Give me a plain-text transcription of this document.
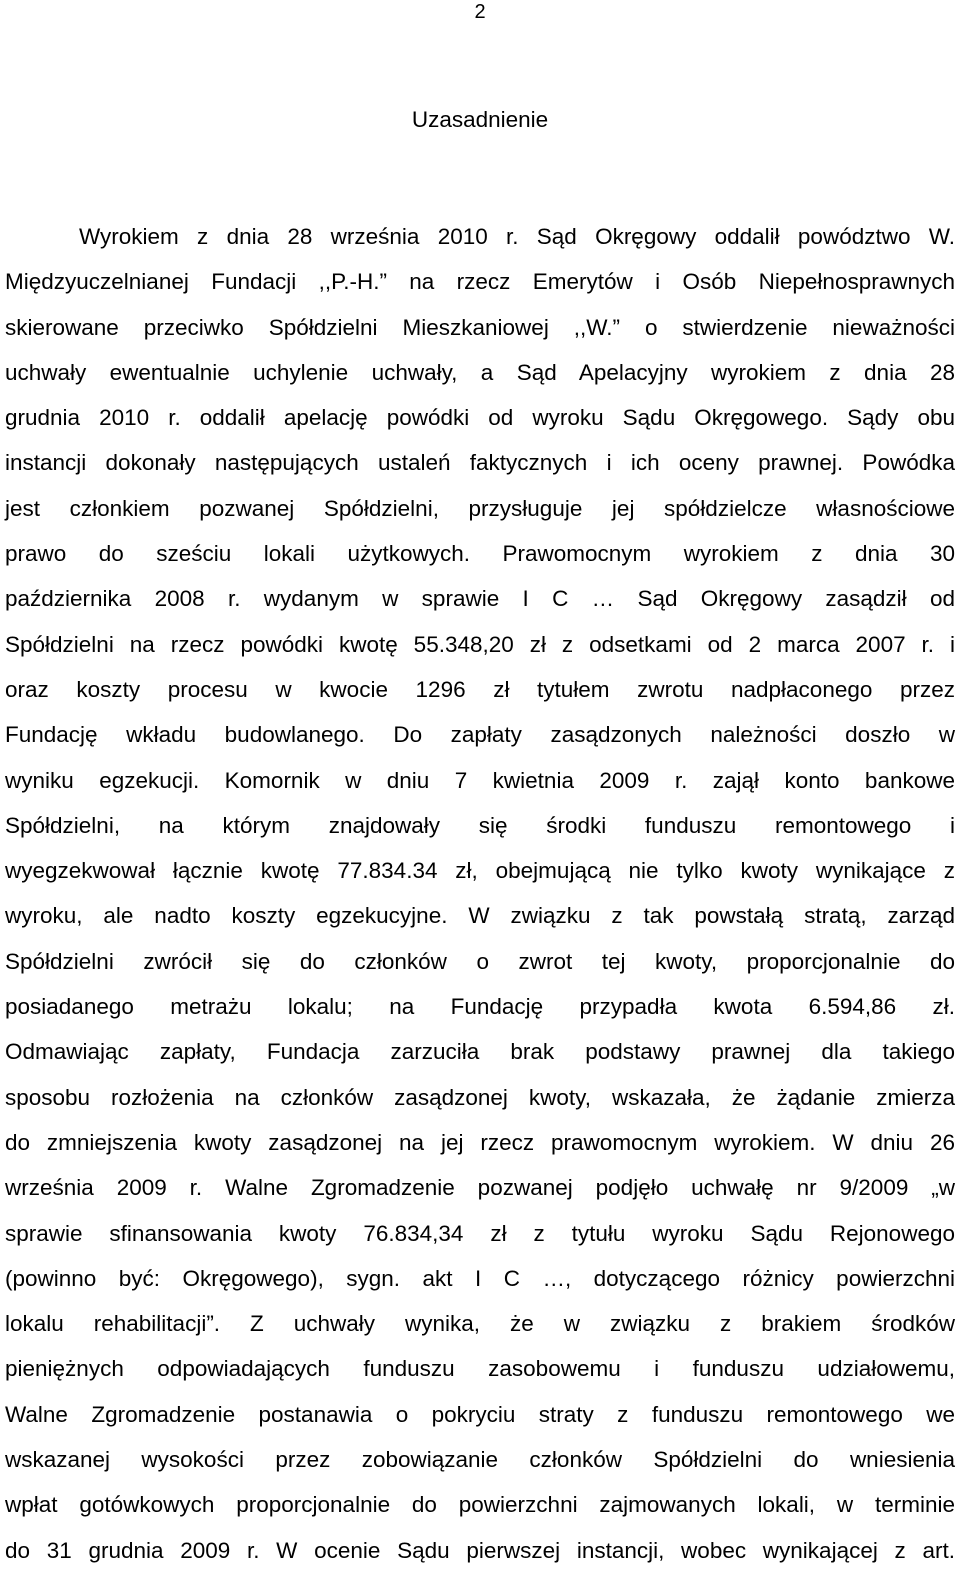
2
Uzasadnienie
Wyrokiem z dnia 28 września 2010 r. Sąd Okręgowy oddalił powództwo W.
Międzyuczelnianej Fundacji ,,P.-H.” na rzecz Emerytów i Osób Niepełnosprawnych
skierowane przeciwko Spółdzielni Mieszkaniowej ,,W.” o stwierdzenie nieważności
uchwały ewentualnie uchylenie uchwały, a Sąd Apelacyjny wyrokiem z dnia 28
grudnia 2010 r. oddalił apelację powódki od wyroku Sądu Okręgowego. Sądy obu
instancji dokonały następujących ustaleń faktycznych i ich oceny prawnej. Powódka
jest członkiem pozwanej Spółdzielni, przysługuje jej spółdzielcze własnościowe
prawo do sześciu lokali użytkowych. Prawomocnym wyrokiem z dnia 30
października 2008 r. wydanym w sprawie I C … Sąd Okręgowy zasądził od
Spółdzielni na rzecz powódki kwotę 55.348,20 zł z odsetkami od 2 marca 2007 r. i
oraz koszty procesu w kwocie 1296 zł tytułem zwrotu nadpłaconego przez
Fundację wkładu budowlanego. Do zapłaty zasądzonych należności doszło w
wyniku egzekucji. Komornik w dniu 7 kwietnia 2009 r. zajął konto bankowe
Spółdzielni, na którym znajdowały się środki funduszu remontowego i
wyegzekwował łącznie kwotę 77.834.34 zł, obejmującą nie tylko kwoty wynikające z
wyroku, ale nadto koszty egzekucyjne. W związku z tak powstałą stratą, zarząd
Spółdzielni zwrócił się do członków o zwrot tej kwoty, proporcjonalnie do
posiadanego metrażu lokalu; na Fundację przypadła kwota 6.594,86 zł.
Odmawiając zapłaty, Fundacja zarzuciła brak podstawy prawnej dla takiego
sposobu rozłożenia na członków zasądzonej kwoty, wskazała, że żądanie zmierza
do zmniejszenia kwoty zasądzonej na jej rzecz prawomocnym wyrokiem. W dniu 26
września 2009 r. Walne Zgromadzenie pozwanej podjęło uchwałę nr 9/2009 „w
sprawie sfinansowania kwoty 76.834,34 zł z tytułu wyroku Sądu Rejonowego
(powinno być: Okręgowego), sygn. akt I C …, dotyczącego różnicy powierzchni
lokalu rehabilitacji”. Z uchwały wynika, że w związku z brakiem środków
pieniężnych odpowiadających funduszu zasobowemu i funduszu udziałowemu,
Walne Zgromadzenie postanawia o pokryciu straty z funduszu remontowego we
wskazanej wysokości przez zobowiązanie członków Spółdzielni do wniesienia
wpłat gotówkowych proporcjonalnie do powierzchni zajmowanych lokali, w terminie
do 31 grudnia 2009 r. W ocenie Sądu pierwszej instancji, wobec wynikającej z art.
